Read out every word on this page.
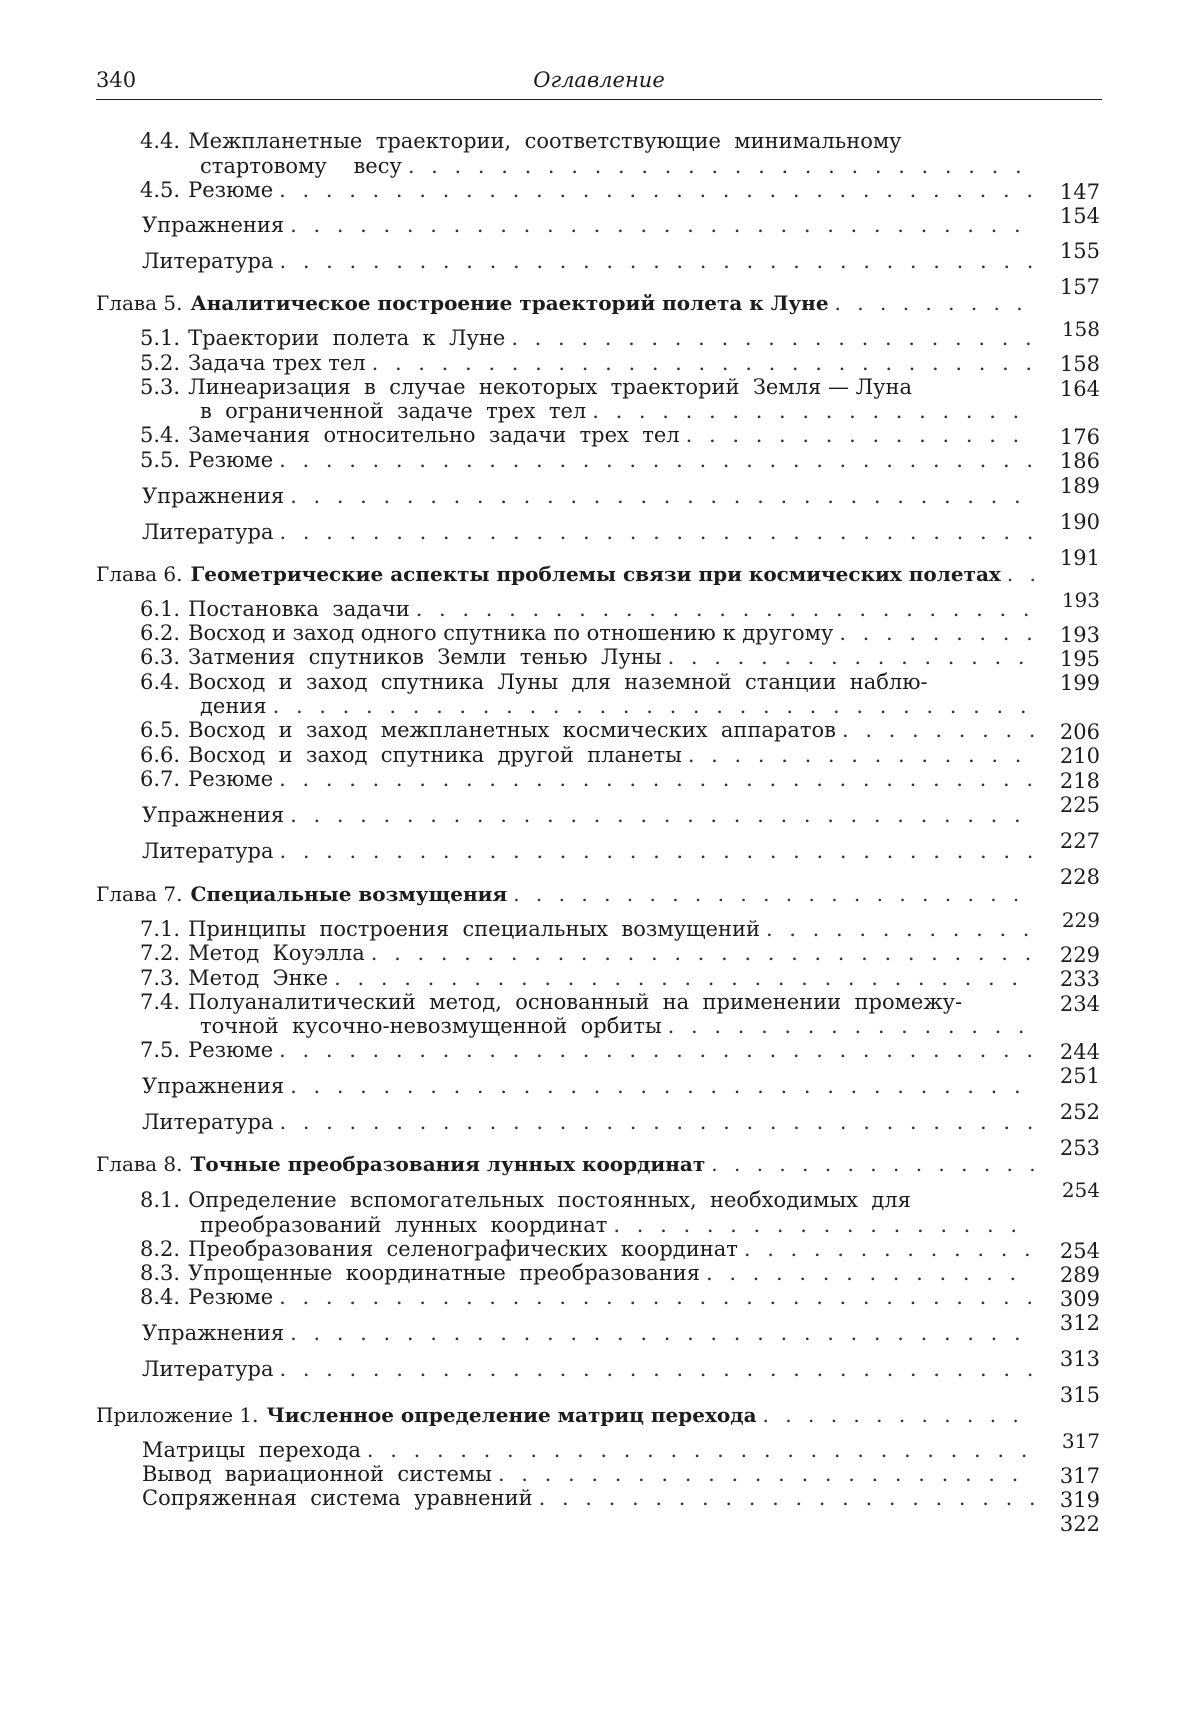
340	Оглавление
4.4. Межпланетные  траектории,  соответствующие  минимальному
стартовому    весу
. . .
147
4.5. Резюме
. . .
154
Упражнения
. . .
155
Литература
. . .
157
Глава 5. Аналитическое построение траекторий полета к Луне
. . .
158
5.1. Траектории  полета  к  Луне
. . .
158
5.2. Задача трех тел
. . .
164
5.3. Линеаризация  в  случае  некоторых  траекторий  Земля — Луна
в  ограниченной  задаче  трех  тел
. . .
176
5.4. Замечания  относительно  задачи  трех  тел
. . .
186
5.5. Резюме
. . .
189
Упражнения
. . .
190
Литература
. . .
191
Глава 6. Геометрические аспекты проблемы связи при космических полетах
. . .
193
6.1. Постановка  задачи
. . .
193
6.2. Восход и заход одного спутника по отношению к другому
. . .
195
6.3. Затмения  спутников  Земли  тенью  Луны
. . .
199
6.4. Восход  и  заход  спутника  Луны  для  наземной  станции  наблю-
дения
. . .
206
6.5. Восход  и  заход  межпланетных  космических  аппаратов
. . .
210
6.6. Восход  и  заход  спутника  другой  планеты
. . .
218
6.7. Резюме
. . .
225
Упражнения
. . .
227
Литература
. . .
228
Глава 7. Специальные возмущения
. . .
229
7.1. Принципы  построения  специальных  возмущений
. . .
229
7.2. Метод  Коуэлла
. . .
233
7.3. Метод  Энке
. . .
234
7.4. Полуаналитический  метод,  основанный  на  применении  промежу-
точной  кусочно-невозмущенной  орбиты
. . .
244
7.5. Резюме
. . .
251
Упражнения
. . .
252
Литература
. . .
253
Глава 8. Точные преобразования лунных координат
. . .
254
8.1. Определение  вспомогательных  постоянных,  необходимых  для
преобразований  лунных  координат
. . .
254
8.2. Преобразования  селенографических  координат
. . .
289
8.3. Упрощенные  координатные  преобразования
. . .
309
8.4. Резюме
. . .
312
Упражнения
. . .
313
Литература
. . .
315
Приложение 1. Численное определение матриц перехода
. . .
317
Матрицы  перехода
. . .
317
Вывод  вариационной  системы
. . .
319
Сопряженная  система  уравнений
. . .
322
